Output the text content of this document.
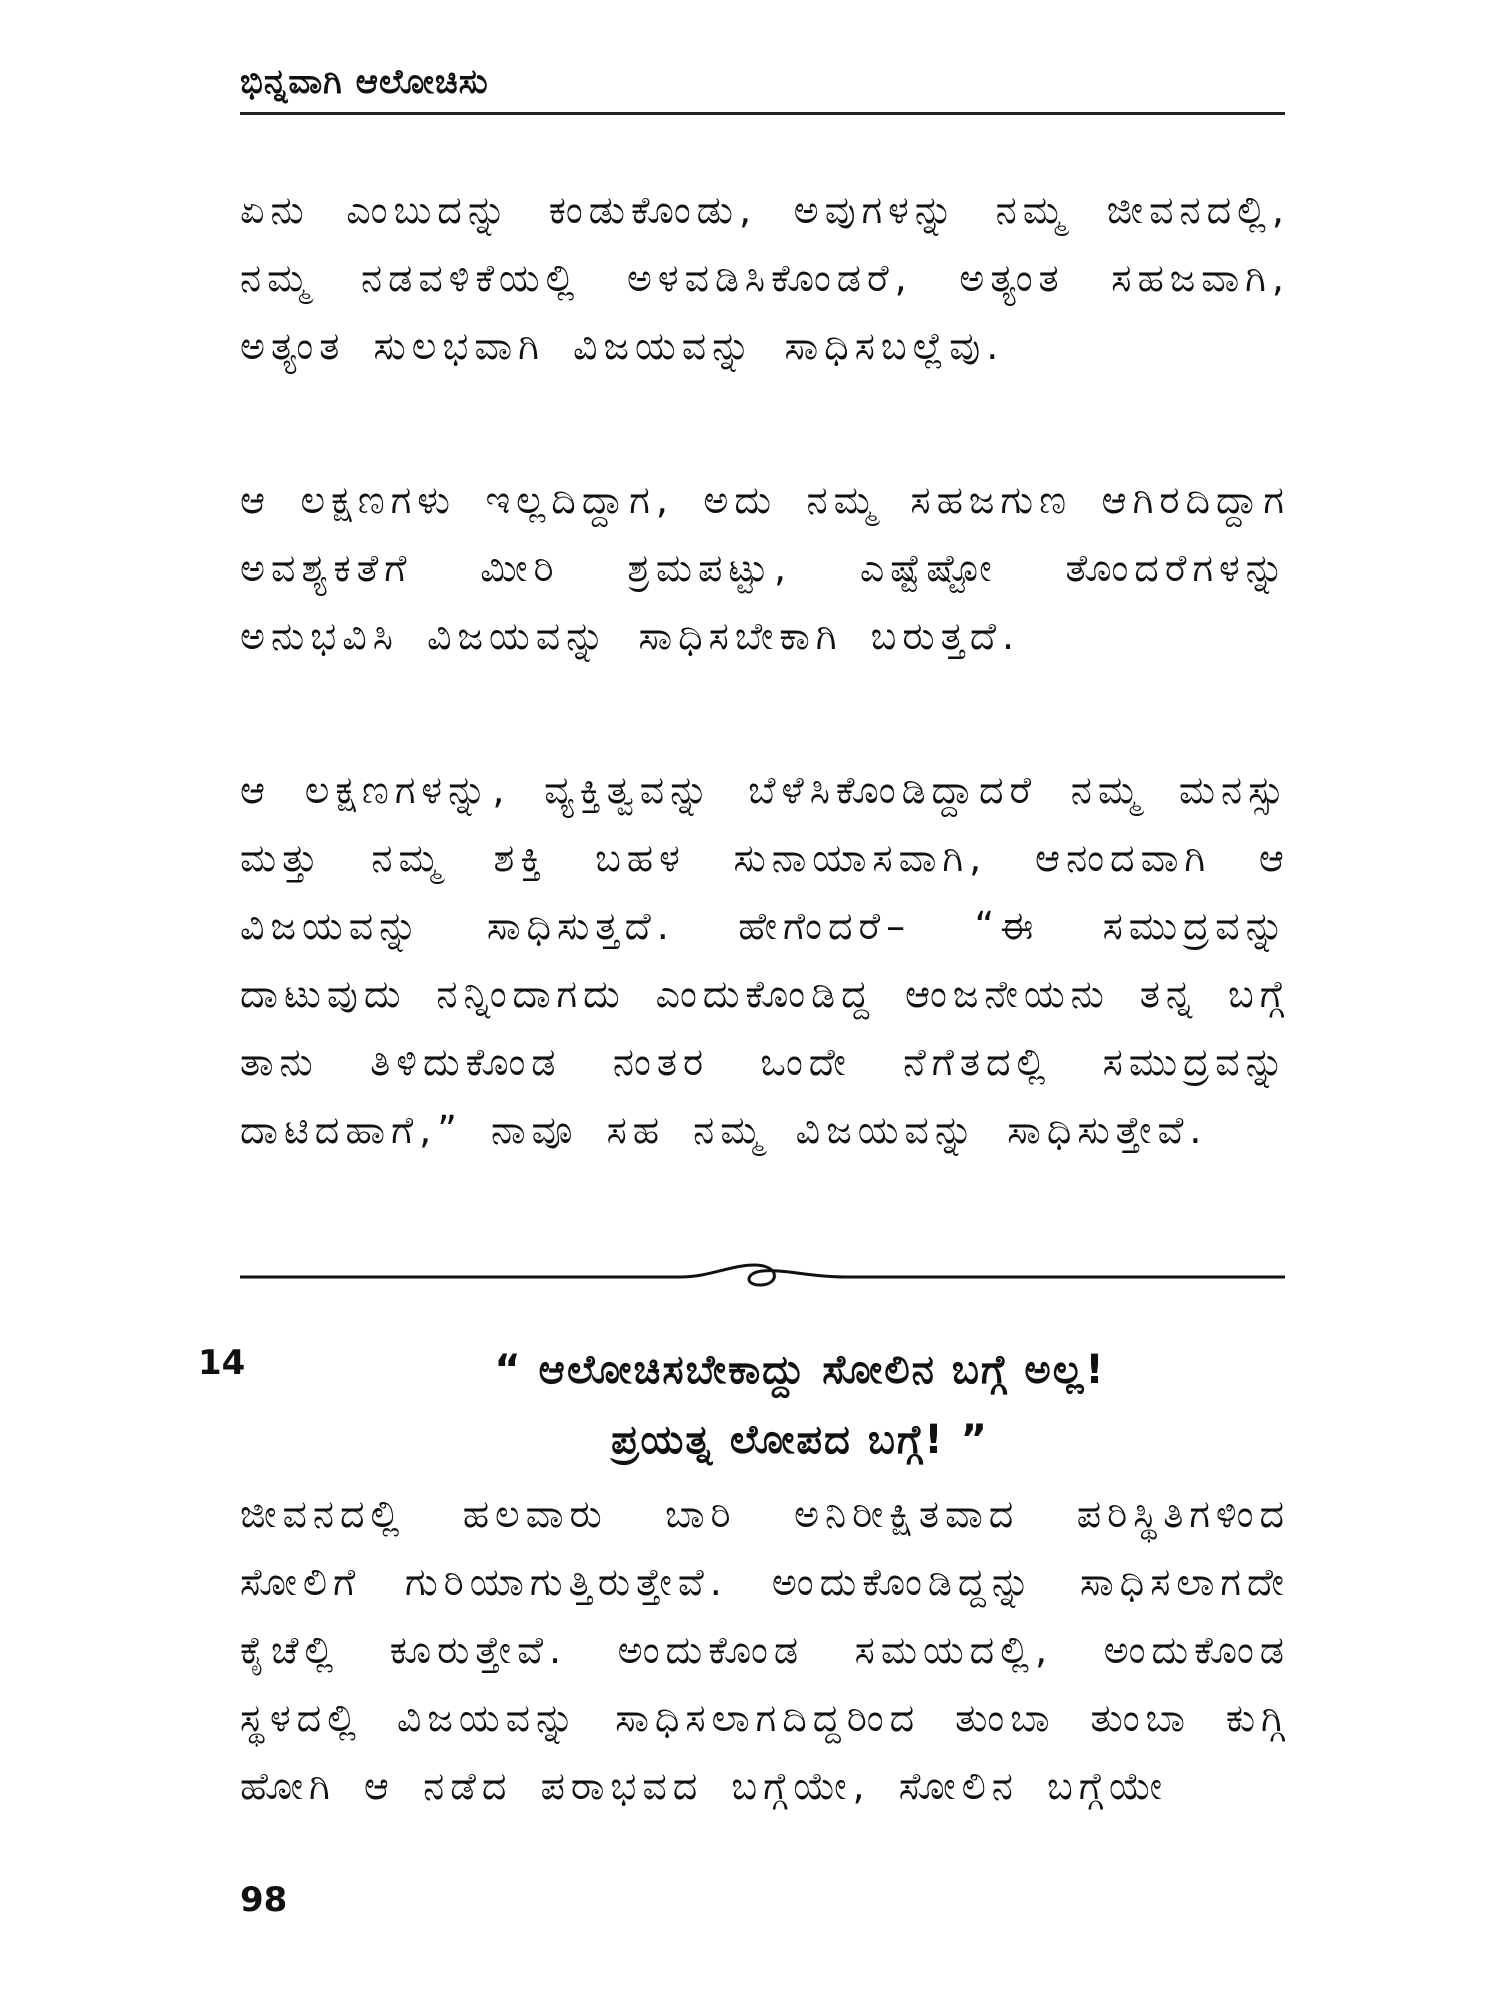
ಭಿನ್ನವಾಗಿ ಆಲೋಚಿಸು

ಏನು ಎಂಬುದನ್ನು ಕಂಡುಕೊಂಡು, ಅವುಗಳನ್ನು ನಮ್ಮ ಜೀವನದಲ್ಲಿ, ನಮ್ಮ ನಡವಳಿಕೆಯಲ್ಲಿ ಅಳವಡಿಸಿಕೊಂಡರೆ, ಅತ್ಯಂತ ಸಹಜವಾಗಿ, ಅತ್ಯಂತ ಸುಲಭವಾಗಿ ವಿಜಯವನ್ನು ಸಾಧಿಸಬಲ್ಲೆವು.

ಆ ಲಕ್ಷಣಗಳು ಇಲ್ಲದಿದ್ದಾಗ, ಅದು ನಮ್ಮ ಸಹಜಗುಣ ಆಗಿರದಿದ್ದಾಗ ಅವಶ್ಯಕತೆಗೆ ಮೀರಿ ಶ್ರಮಪಟ್ಟು, ಎಷ್ಟೆಷ್ಟೋ ತೊಂದರೆಗಳನ್ನು ಅನುಭವಿಸಿ ವಿಜಯವನ್ನು ಸಾಧಿಸಬೇಕಾಗಿ ಬರುತ್ತದೆ.

ಆ ಲಕ್ಷಣಗಳನ್ನು, ವ್ಯಕ್ತಿತ್ವವನ್ನು ಬೆಳೆಸಿಕೊಂಡಿದ್ದಾದರೆ ನಮ್ಮ ಮನಸ್ಸು ಮತ್ತು ನಮ್ಮ ಶಕ್ತಿ ಬಹಳ ಸುನಾಯಾಸವಾಗಿ, ಆನಂದವಾಗಿ ಆ ವಿಜಯವನ್ನು ಸಾಧಿಸುತ್ತದೆ. ಹೇಗೆಂದರೆ– “ಈ ಸಮುದ್ರವನ್ನು ದಾಟುವುದು ನನ್ನಿಂದಾಗದು ಎಂದುಕೊಂಡಿದ್ದ ಆಂಜನೇಯನು ತನ್ನ ಬಗ್ಗೆ ತಾನು ತಿಳಿದುಕೊಂಡ ನಂತರ ಒಂದೇ ನೆಗೆತದಲ್ಲಿ ಸಮುದ್ರವನ್ನು ದಾಟಿದಹಾಗೆ,” ನಾವೂ ಸಹ ನಮ್ಮ ವಿಜಯವನ್ನು ಸಾಧಿಸುತ್ತೇವೆ.

14	“ ಆಲೋಚಿಸಬೇಕಾದ್ದು ಸೋಲಿನ ಬಗ್ಗೆ ಅಲ್ಲ!
ಪ್ರಯತ್ನ ಲೋಪದ ಬಗ್ಗೆ! ”

ಜೀವನದಲ್ಲಿ ಹಲವಾರು ಬಾರಿ ಅನಿರೀಕ್ಷಿತವಾದ ಪರಿಸ್ಥಿತಿಗಳಿಂದ ಸೋಲಿಗೆ ಗುರಿಯಾಗುತ್ತಿರುತ್ತೇವೆ. ಅಂದುಕೊಂಡಿದ್ದನ್ನು ಸಾಧಿಸಲಾಗದೇ ಕೈಚೆಲ್ಲಿ ಕೂರುತ್ತೇವೆ. ಅಂದುಕೊಂಡ ಸಮಯದಲ್ಲಿ, ಅಂದುಕೊಂಡ ಸ್ಥಳದಲ್ಲಿ ವಿಜಯವನ್ನು ಸಾಧಿಸಲಾಗದಿದ್ದರಿಂದ ತುಂಬಾ ತುಂಬಾ ಕುಗ್ಗಿ ಹೋಗಿ ಆ ನಡೆದ ಪರಾಭವದ ಬಗ್ಗೆಯೇ, ಸೋಲಿನ ಬಗ್ಗೆಯೇ

98
